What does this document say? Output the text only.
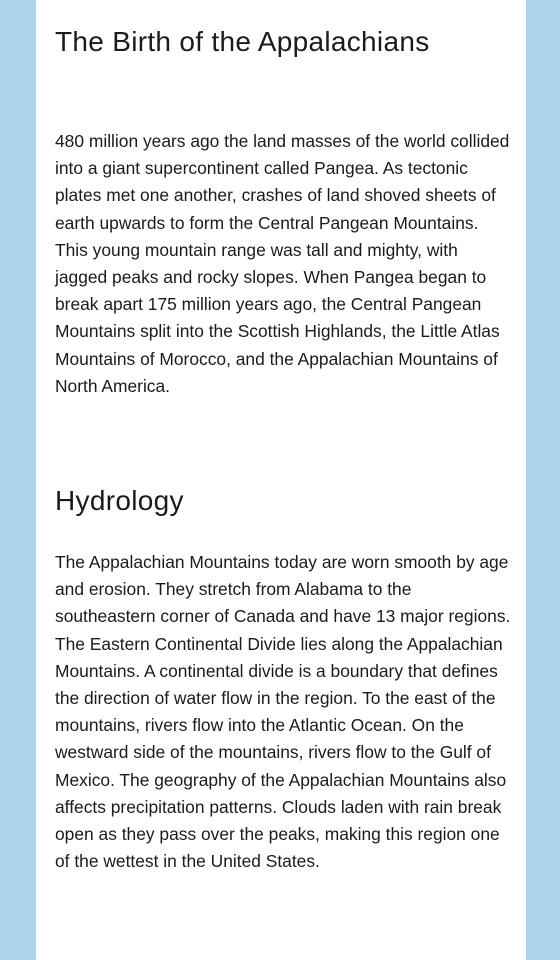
The Birth of the Appalachians

480 million years ago the land masses of the world collided into a giant supercontinent called Pangea. As tectonic plates met one another, crashes of land shoved sheets of earth upwards to form the Central Pangean Mountains. This young mountain range was tall and mighty, with jagged peaks and rocky slopes. When Pangea began to break apart 175 million years ago, the Central Pangean Mountains split into the Scottish Highlands, the Little Atlas Mountains of Morocco, and the Appalachian Mountains of North America.

Hydrology

The Appalachian Mountains today are worn smooth by age and erosion. They stretch from Alabama to the southeastern corner of Canada and have 13 major regions. The Eastern Continental Divide lies along the Appalachian Mountains. A continental divide is a boundary that defines the direction of water flow in the region. To the east of the mountains, rivers flow into the Atlantic Ocean. On the westward side of the mountains, rivers flow to the Gulf of Mexico. The geography of the Appalachian Mountains also affects precipitation patterns. Clouds laden with rain break open as they pass over the peaks, making this region one of the wettest in the United States.
